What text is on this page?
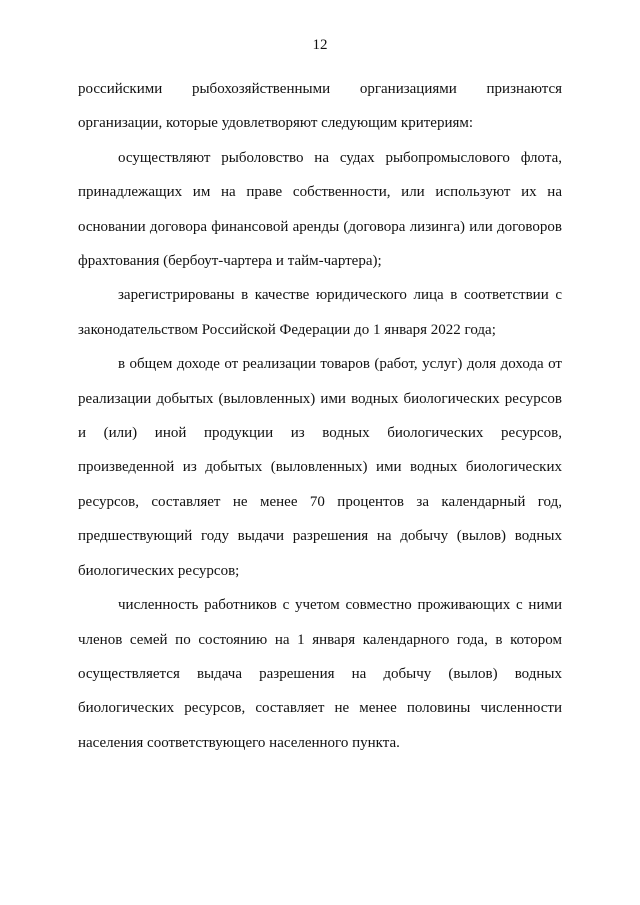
12

российскими рыбохозяйственными организациями признаются организации, которые удовлетворяют следующим критериям:

осуществляют рыболовство на судах рыбопромыслового флота, принадлежащих им на праве собственности, или используют их на основании договора финансовой аренды (договора лизинга) или договоров фрахтования (бербоут-чартера и тайм-чартера);

зарегистрированы в качестве юридического лица в соответствии с законодательством Российской Федерации до 1 января 2022 года;

в общем доходе от реализации товаров (работ, услуг) доля дохода от реализации добытых (выловленных) ими водных биологических ресурсов и (или) иной продукции из водных биологических ресурсов, произведенной из добытых (выловленных) ими водных биологических ресурсов, составляет не менее 70 процентов за календарный год, предшествующий году выдачи разрешения на добычу (вылов) водных биологических ресурсов;

численность работников с учетом совместно проживающих с ними членов семей по состоянию на 1 января календарного года, в котором осуществляется выдача разрешения на добычу (вылов) водных биологических ресурсов, составляет не менее половины численности населения соответствующего населенного пункта.
